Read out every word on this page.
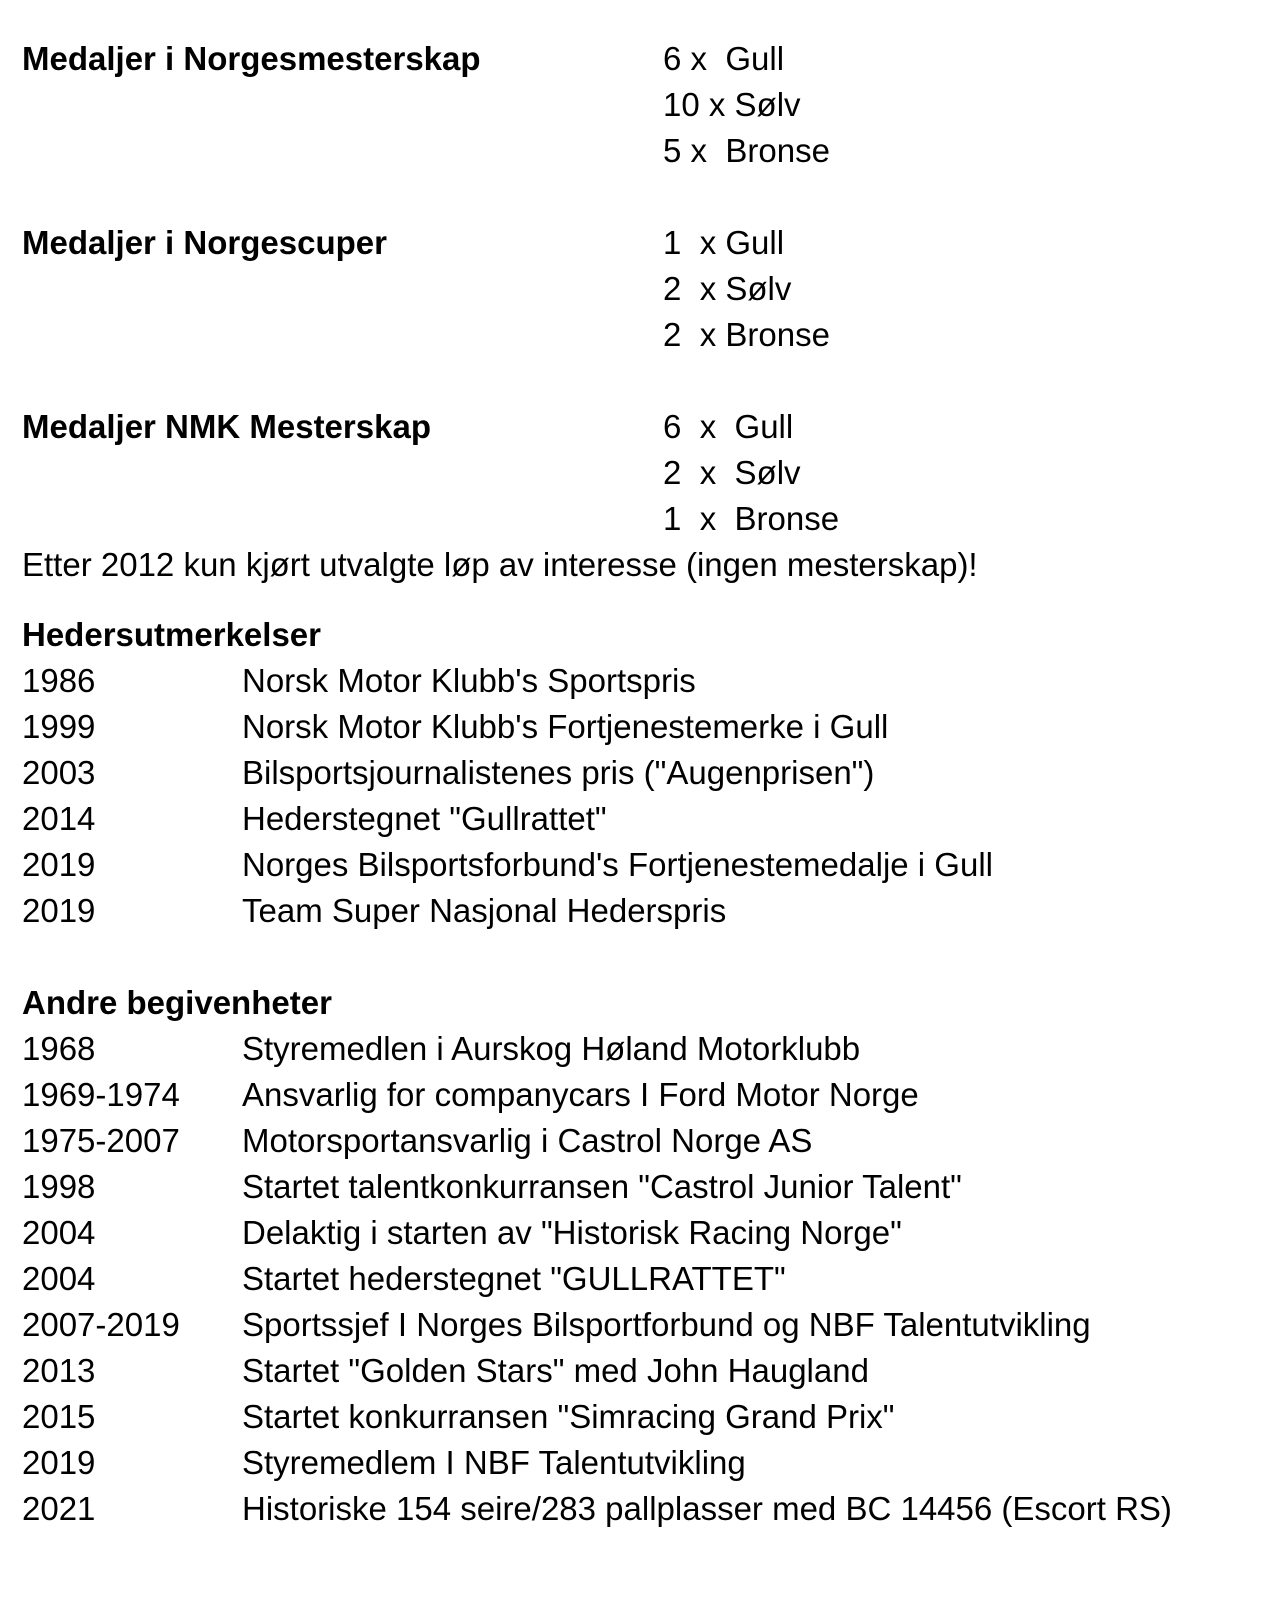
Medaljer i Norgesmesterskap	6 x  Gull
10 x Sølv
5 x  Bronse
Medaljer i Norgescuper	1  x Gull
2  x Sølv
2  x Bronse
Medaljer NMK Mesterskap	6  x  Gull
2  x  Sølv
1  x  Bronse
Etter 2012 kun kjørt utvalgte løp av interesse (ingen mesterskap)!
Hedersutmerkelser
1986	Norsk Motor Klubb's Sportspris
1999	Norsk Motor Klubb's Fortjenestemerke i Gull
2003	Bilsportsjournalistenes pris ("Augenprisen")
2014	Hederstegnet "Gullrattet"
2019	Norges Bilsportsforbund's Fortjenestemedalje i Gull
2019	Team Super Nasjonal Hederspris
Andre begivenheter
1968	Styremedlen i Aurskog Høland Motorklubb
1969-1974 Ansvarlig for companycars I Ford Motor Norge
1975-2007 Motorsportansvarlig i Castrol Norge AS
1998	Startet talentkonkurransen "Castrol Junior Talent"
2004	Delaktig i starten av "Historisk Racing Norge"
2004	Startet hederstegnet "GULLRATTET"
2007-2019 Sportssjef I Norges Bilsportforbund og NBF Talentutvikling
2013	Startet "Golden Stars" med John Haugland
2015	Startet konkurransen "Simracing Grand Prix"
2019	Styremedlem I NBF Talentutvikling
2021	Historiske 154 seire/283 pallplasser med BC 14456 (Escort RS)
